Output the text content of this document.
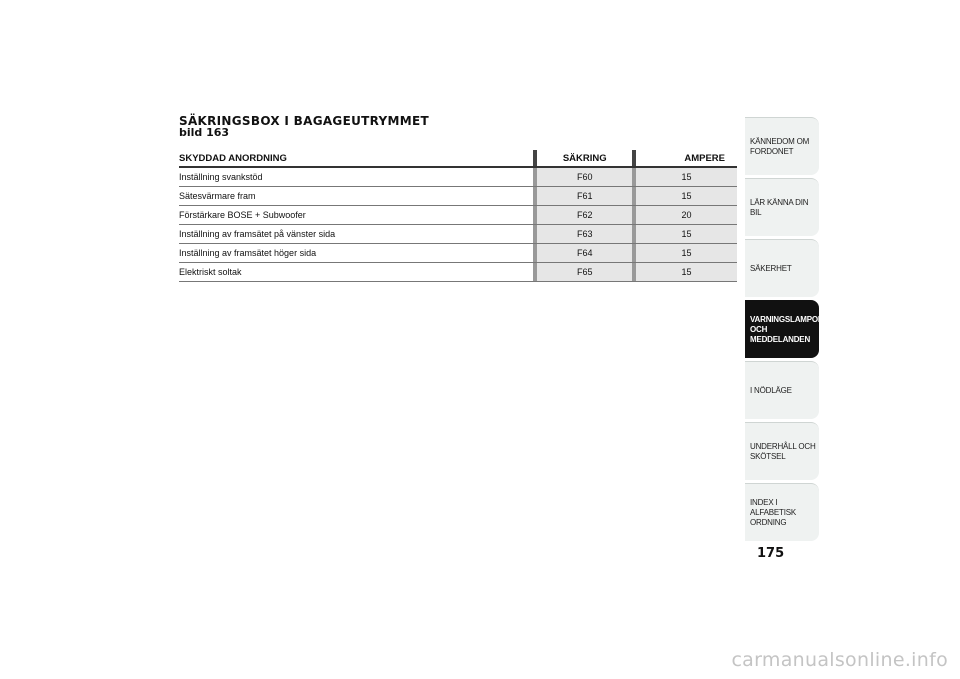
SÄKRINGSBOX I BAGAGEUTRYMMET
bild 163
SKYDDAD ANORDNING		SÄKRING		AMPERE
Inställning svankstöd		F60		15
Sätesvärmare fram		F61		15
Förstärkare BOSE + Subwoofer		F62		20
Inställning av framsätet på vänster sida		F63		15
Inställning av framsätet höger sida		F64		15
Elektriskt soltak		F65		15
KÄNNEDOM OM
FORDONET
LÄR KÄNNA DIN BIL
SÄKERHET
VARNINGSLAMPOR
OCH
MEDDELANDEN
I NÖDLÄGE
UNDERHÅLL OCH
SKÖTSEL
INDEX I ALFABETISK
ORDNING
175
carmanualsonline.info
